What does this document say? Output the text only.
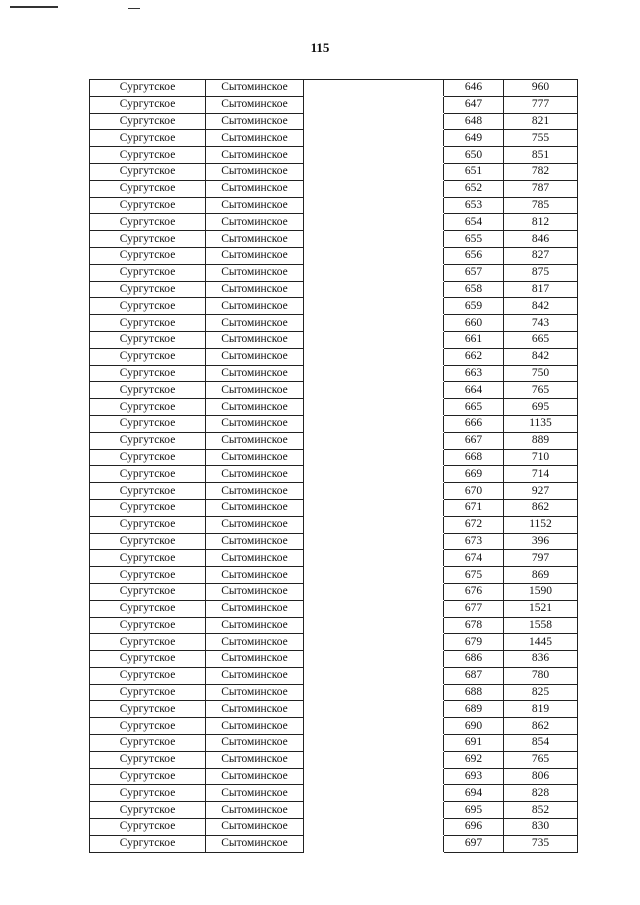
115
Сургутское	Сытоминское		646	960
Сургутское	Сытоминское		647	777
Сургутское	Сытоминское		648	821
Сургутское	Сытоминское		649	755
Сургутское	Сытоминское		650	851
Сургутское	Сытоминское		651	782
Сургутское	Сытоминское		652	787
Сургутское	Сытоминское		653	785
Сургутское	Сытоминское		654	812
Сургутское	Сытоминское		655	846
Сургутское	Сытоминское		656	827
Сургутское	Сытоминское		657	875
Сургутское	Сытоминское		658	817
Сургутское	Сытоминское		659	842
Сургутское	Сытоминское		660	743
Сургутское	Сытоминское		661	665
Сургутское	Сытоминское		662	842
Сургутское	Сытоминское		663	750
Сургутское	Сытоминское		664	765
Сургутское	Сытоминское		665	695
Сургутское	Сытоминское		666	1135
Сургутское	Сытоминское		667	889
Сургутское	Сытоминское		668	710
Сургутское	Сытоминское		669	714
Сургутское	Сытоминское		670	927
Сургутское	Сытоминское		671	862
Сургутское	Сытоминское		672	1152
Сургутское	Сытоминское		673	396
Сургутское	Сытоминское		674	797
Сургутское	Сытоминское		675	869
Сургутское	Сытоминское		676	1590
Сургутское	Сытоминское		677	1521
Сургутское	Сытоминское		678	1558
Сургутское	Сытоминское		679	1445
Сургутское	Сытоминское		686	836
Сургутское	Сытоминское		687	780
Сургутское	Сытоминское		688	825
Сургутское	Сытоминское		689	819
Сургутское	Сытоминское		690	862
Сургутское	Сытоминское		691	854
Сургутское	Сытоминское		692	765
Сургутское	Сытоминское		693	806
Сургутское	Сытоминское		694	828
Сургутское	Сытоминское		695	852
Сургутское	Сытоминское		696	830
Сургутское	Сытоминское		697	735
